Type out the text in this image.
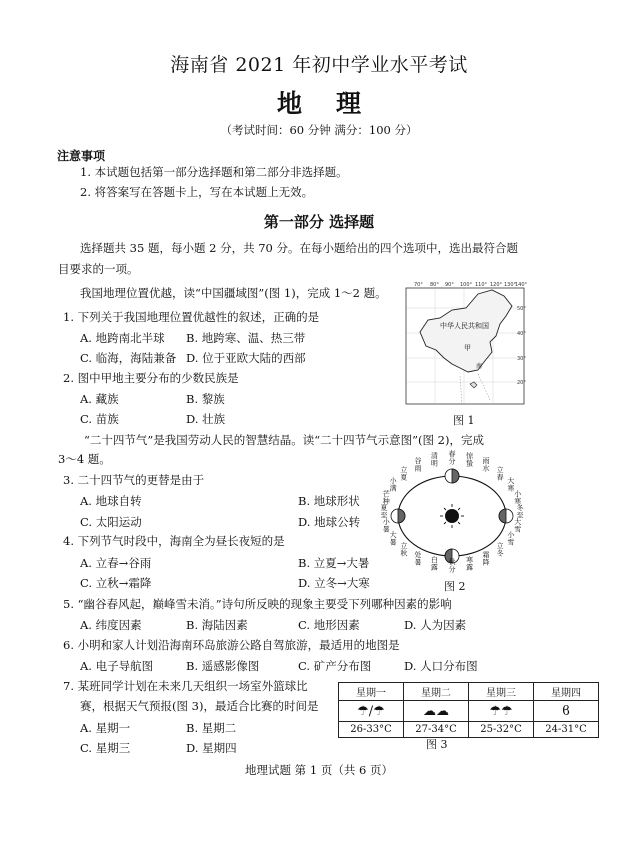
海南省 2021 年初中学业水平考试
地理
（考试时间：60 分钟 满分：100 分）
注意事项
1. 本试题包括第一部分选择题和第二部分非选择题。
2. 将答案写在答题卡上，写在本试题上无效。
第一部分 选择题
选择题共 35 题，每小题 2 分，共 70 分。在每小题给出的四个选项中，选出最符合题
目要求的一项。
我国地理位置优越，读“中国疆域图”(图 1)，完成 1～2 题。
1. 下列关于我国地理位置优越性的叙述，正确的是
A. 地跨南北半球 B. 地跨寒、温、热三带
C. 临海，海陆兼备 D. 位于亚欧大陆的西部
2. 图中甲地主要分布的少数民族是
A. 藏族	B. 黎族
C. 苗族	D. 壮族
70° 80° 90° 100° 110° 120° 130°
140°
50°
40°
30°
20°
中华人民共和国
甲
南
图 1
“二十四节气”是我国劳动人民的智慧结晶。读“二十四节气示意图”(图 2)，完成
3～4 题。
3. 二十四节气的更替是由于
A. 地球自转	B. 地球形状
C. 太阳运动	D. 地球公转
4. 下列节气时段中，海南全为昼长夜短的是
A. 立春→谷雨	B. 立夏→大暑
C. 立秋→霜降	D. 立冬→大寒
春分
清明
谷雨
立夏
小满
芒种
夏至
小暑
大暑 立秋 处暑 白露
秋分
寒露
霜降
立冬
小雪
大雪
冬至
小寒
大寒
立春
雨水
惊蛰
图 2
5. “幽谷春风起，巅峰雪未消。”诗句所反映的现象主要受下列哪种因素的影响
A. 纬度因素	B. 海陆因素	C. 地形因素	D. 人为因素
6. 小明和家人计划沿海南环岛旅游公路自驾旅游，最适用的地图是
A. 电子导航图	B. 遥感影像图	C. 矿产分布图	D. 人口分布图
7. 某班同学计划在未来几天组织一场室外篮球比
赛，根据天气预报(图 3)，最适合比赛的时间是
A. 星期一	B. 星期二
C. 星期三	D. 星期四
星期一	星期二	星期三	星期四
☂/☂	☁☁	☂☂	ϐ
26-33°C	27-34°C	25-32°C	24-31°C
图 3
地理试题 第 1 页（共 6 页）
